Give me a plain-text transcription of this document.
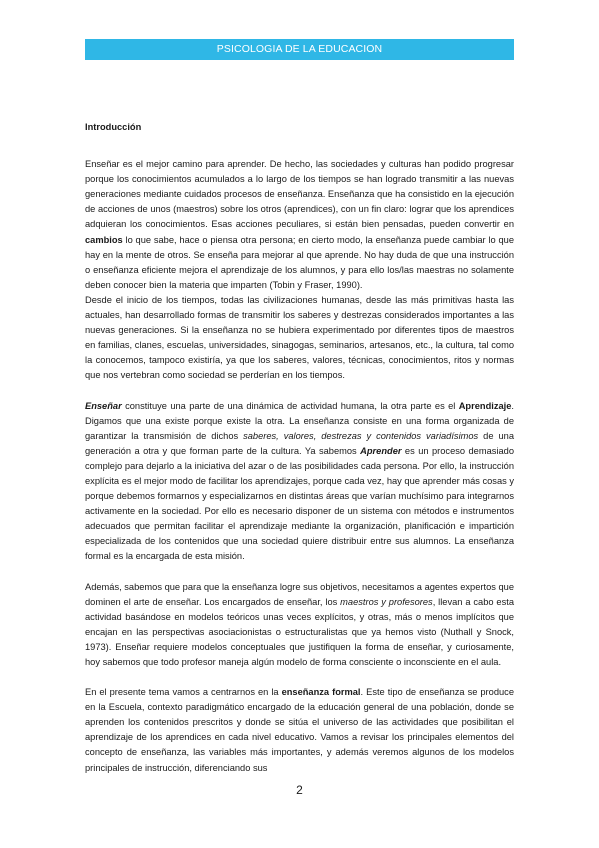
PSICOLOGIA DE LA EDUCACION
Introducción

Enseñar es el mejor camino para aprender. De hecho, las sociedades y culturas han podido progresar porque los conocimientos acumulados a lo largo de los tiempos se han logrado transmitir a las nuevas generaciones mediante cuidados procesos de enseñanza. Enseñanza que ha consistido en la ejecución de acciones de unos (maestros) sobre los otros (aprendices), con un fin claro: lograr que los aprendices adquieran los conocimientos. Esas acciones peculiares, si están bien pensadas, pueden convertir en cambios lo que sabe, hace o piensa otra persona; en cierto modo, la enseñanza puede cambiar lo que hay en la mente de otros. Se enseña para mejorar al que aprende. No hay duda de que una instrucción o enseñanza eficiente mejora el aprendizaje de los alumnos, y para ello los/las maestras no solamente deben conocer bien la materia que imparten (Tobin y Fraser, 1990).

Desde el inicio de los tiempos, todas las civilizaciones humanas, desde las más primitivas hasta las actuales, han desarrollado formas de transmitir los saberes y destrezas considerados importantes a las nuevas generaciones. Si la enseñanza no se hubiera experimentado por diferentes tipos de maestros en familias, clanes, escuelas, universidades, sinagogas, seminarios, artesanos, etc., la cultura, tal como la conocemos, tampoco existiría, ya que los saberes, valores, técnicas, conocimientos, ritos y normas que nos vertebran como sociedad se perderían en los tiempos.

Enseñar constituye una parte de una dinámica de actividad humana, la otra parte es el Aprendizaje. Digamos que una existe porque existe la otra. La enseñanza consiste en una forma organizada de garantizar la transmisión de dichos saberes, valores, destrezas y contenidos variadísimos de una generación a otra y que forman parte de la cultura. Ya sabemos Aprender es un proceso demasiado complejo para dejarlo a la iniciativa del azar o de las posibilidades cada persona. Por ello, la instrucción explícita es el mejor modo de facilitar los aprendizajes, porque cada vez, hay que aprender más cosas y porque debemos formarnos y especializarnos en distintas áreas que varían muchísimo para integrarnos activamente en la sociedad. Por ello es necesario disponer de un sistema con métodos e instrumentos adecuados que permitan facilitar el aprendizaje mediante la organización, planificación e impartición especializada de los contenidos que una sociedad quiere distribuir entre sus alumnos. La enseñanza formal es la encargada de esta misión.

Además, sabemos que para que la enseñanza logre sus objetivos, necesitamos a agentes expertos que dominen el arte de enseñar. Los encargados de enseñar, los maestros y profesores, llevan a cabo esta actividad basándose en modelos teóricos unas veces explícitos, y otras, más o menos implícitos que encajan en las perspectivas asociacionistas o estructuralistas que ya hemos visto (Nuthall y Snock, 1973). Enseñar requiere modelos conceptuales que justifiquen la forma de enseñar, y curiosamente, hoy sabemos que todo profesor maneja algún modelo de forma consciente o inconsciente en el aula.

En el presente tema vamos a centrarnos en la enseñanza formal. Este tipo de enseñanza se produce en la Escuela, contexto paradigmático encargado de la educación general de una población, donde se aprenden los contenidos prescritos y donde se sitúa el universo de las actividades que posibilitan el aprendizaje de los aprendices en cada nivel educativo. Vamos a revisar los principales elementos del concepto de enseñanza, las variables más importantes, y además veremos algunos de los modelos principales de instrucción, diferenciando sus

2
